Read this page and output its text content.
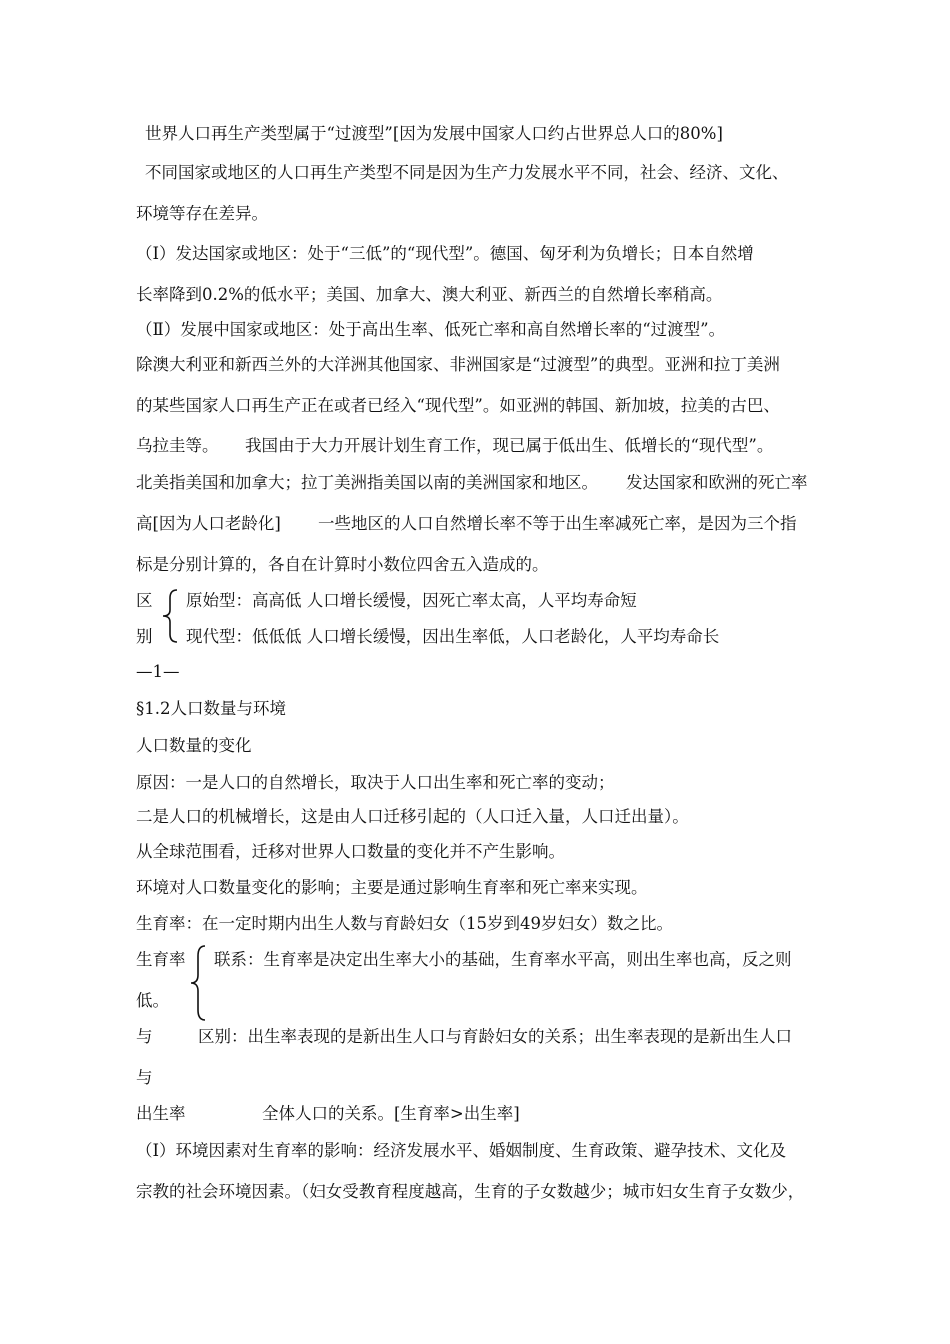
世界人口再生产类型属于“过渡型”[因为发展中国家人口约占世界总人口的80%]
不同国家或地区的人口再生产类型不同是因为生产力发展水平不同，社会、经济、文化、
环境等存在差异。
（Ⅰ）发达国家或地区：处于“三低”的“现代型”。德国、匈牙利为负增长；日本自然增
长率降到0.2%的低水平；美国、加拿大、澳大利亚、新西兰的自然增长率稍高。
（Ⅱ）发展中国家或地区：处于高出生率、低死亡率和高自然增长率的“过渡型”。
除澳大利亚和新西兰外的大洋洲其他国家、非洲国家是“过渡型”的典型。亚洲和拉丁美洲
的某些国家人口再生产正在或者已经入“现代型”。如亚洲的韩国、新加坡，拉美的古巴、
乌拉圭等。 我国由于大力开展计划生育工作，现已属于低出生、低增长的“现代型”。
北美指美国和加拿大；拉丁美洲指美国以南的美洲国家和地区。 发达国家和欧洲的死亡率
高[因为人口老龄化] 一些地区的人口自然增长率不等于出生率减死亡率，是因为三个指
标是分别计算的，各自在计算时小数位四舍五入造成的。
区
别
原始型：高高低 人口增长缓慢，因死亡率太高，人平均寿命短
现代型：低低低 人口增长缓慢，因出生率低，人口老龄化，人平均寿命长
—1—
§1.2人口数量与环境
人口数量的变化
原因：一是人口的自然增长，取决于人口出生率和死亡率的变动；
二是人口的机械增长，这是由人口迁移引起的（人口迁入量，人口迁出量）。
从全球范围看，迁移对世界人口数量的变化并不产生影响。
环境对人口数量变化的影响；主要是通过影响生育率和死亡率来实现。
生育率：在一定时期内出生人数与育龄妇女（15岁到49岁妇女）数之比。
生育率 联系：生育率是决定出生率大小的基础，生育率水平高，则出生率也高，反之则
低。
与	区别：出生率表现的是新出生人口与育龄妇女的关系；出生率表现的是新出生人口
与
出生率	全体人口的关系。[生育率>出生率]
（Ⅰ）环境因素对生育率的影响：经济发展水平、婚姻制度、生育政策、避孕技术、文化及
宗教的社会环境因素。（妇女受教育程度越高，生育的子女数越少；城市妇女生育子女数少，
